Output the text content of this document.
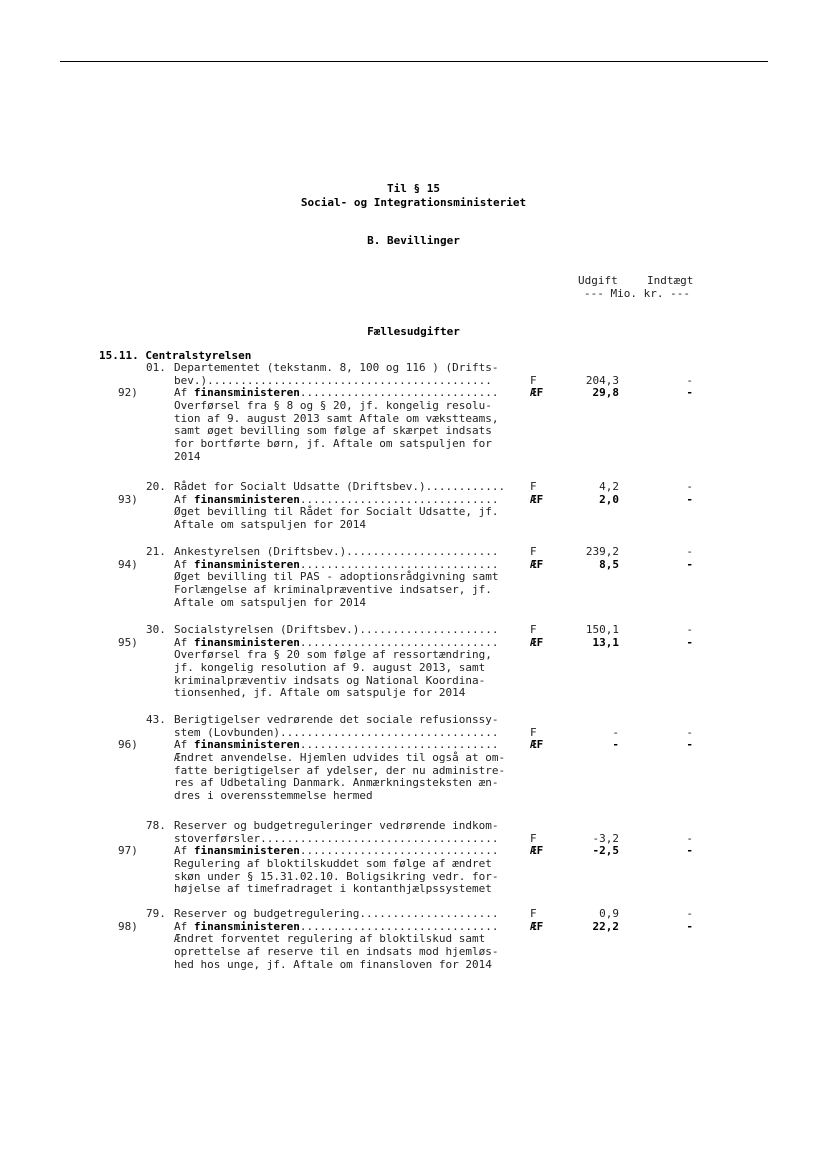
Til § 15
Social- og Integrationsministeriet
B. Bevillinger
Udgift	Indtægt
--- Mio. kr. ---
Fællesudgifter
15.11. Centralstyrelsen
01. Departementet (tekstanm. 8, 100 og 116 ) (Drifts-
bev.)...........................................	F	204,3	-
92)	Af finansministeren..............................	ÆF	29,8	-
Overførsel fra § 8 og § 20, jf. kongelig resolu-
tion af 9. august 2013 samt Aftale om vækstteams,
samt øget bevilling som følge af skærpet indsats
for bortførte børn, jf. Aftale om satspuljen for
2014
20. Rådet for Socialt Udsatte (Driftsbev.)............ F	4,2	-
93)	Af finansministeren..............................	ÆF	2,0	-
Øget bevilling til Rådet for Socialt Udsatte, jf.
Aftale om satspuljen for 2014
21. Ankestyrelsen (Driftsbev.).......................	F	239,2	-
94)	Af finansministeren..............................	ÆF	8,5	-
Øget bevilling til PAS - adoptionsrådgivning samt
Forlængelse af kriminalpræventive indsatser, jf.
Aftale om satspuljen for 2014
30. Socialstyrelsen (Driftsbev.).....................	F	150,1	-
95)	Af finansministeren..............................	ÆF	13,1	-
Overførsel fra § 20 som følge af ressortændring,
jf. kongelig resolution af 9. august 2013, samt
kriminalpræventiv indsats og National Koordina-
tionsenhed, jf. Aftale om satspulje for 2014
43. Berigtigelser vedrørende det sociale refusionssy-
stem (Lovbunden).................................	F	-	-
96)	Af finansministeren..............................	ÆF	-	-
Ændret anvendelse. Hjemlen udvides til også at om-
fatte berigtigelser af ydelser, der nu administre-
res af Udbetaling Danmark. Anmærkningsteksten æn-
dres i overensstemmelse hermed
78. Reserver og budgetreguleringer vedrørende indkom-
stoverførsler....................................	F	-3,2	-
97)	Af finansministeren..............................	ÆF	-2,5	-
Regulering af bloktilskuddet som følge af ændret
skøn under § 15.31.02.10. Boligsikring vedr. for-
højelse af timefradraget i kontanthjælpssystemet
79. Reserver og budgetregulering.....................	F	0,9	-
98)	Af finansministeren..............................	ÆF	22,2	-
Ændret forventet regulering af bloktilskud samt
oprettelse af reserve til en indsats mod hjemløs-
hed hos unge, jf. Aftale om finansloven for 2014
